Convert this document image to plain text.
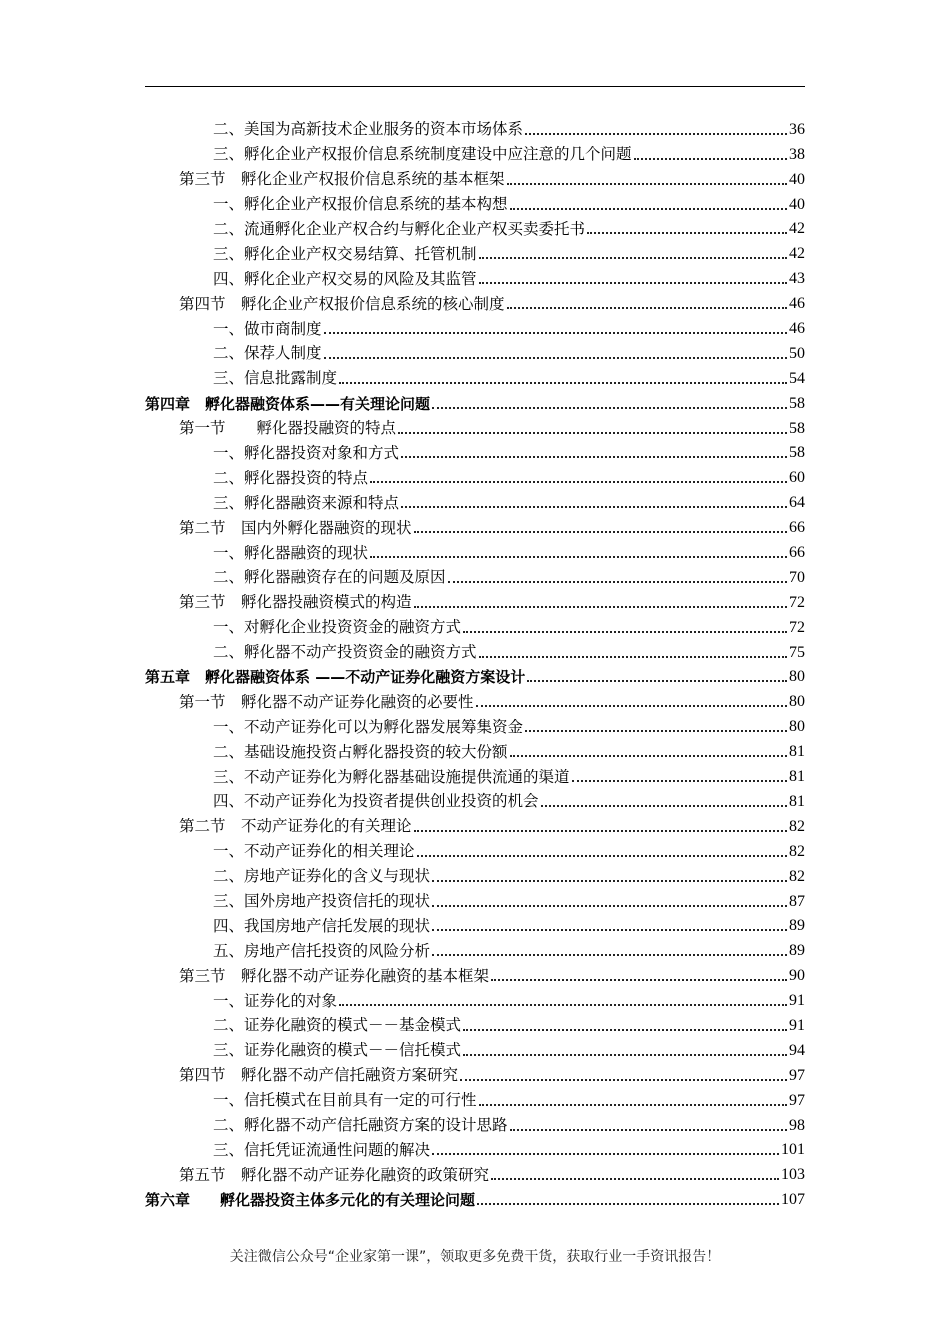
二、美国为高新技术企业服务的资本市场体系	36
三、孵化企业产权报价信息系统制度建设中应注意的几个问题	38
第三节　孵化企业产权报价信息系统的基本框架	40
一、孵化企业产权报价信息系统的基本构想	40
二、流通孵化企业产权合约与孵化企业产权买卖委托书	42
三、孵化企业产权交易结算、托管机制	42
四、孵化企业产权交易的风险及其监管	43
第四节　孵化企业产权报价信息系统的核心制度	46
一、做市商制度	46
二、保荐人制度	50
三、信息批露制度	54
第四章　孵化器融资体系——有关理论问题	58
第一节　　孵化器投融资的特点	58
一、孵化器投资对象和方式	58
二、孵化器投资的特点	60
三、孵化器融资来源和特点	64
第二节　国内外孵化器融资的现状	66
一、孵化器融资的现状	66
二、孵化器融资存在的问题及原因	70
第三节　孵化器投融资模式的构造	72
一、对孵化企业投资资金的融资方式	72
二、孵化器不动产投资资金的融资方式	75
第五章　孵化器融资体系 ——不动产证券化融资方案设计	80
第一节　孵化器不动产证券化融资的必要性	80
一、不动产证券化可以为孵化器发展筹集资金	80
二、基础设施投资占孵化器投资的较大份额	81
三、不动产证券化为孵化器基础设施提供流通的渠道	81
四、不动产证券化为投资者提供创业投资的机会	81
第二节　不动产证券化的有关理论	82
一、不动产证券化的相关理论	82
二、房地产证券化的含义与现状	82
三、国外房地产投资信托的现状	87
四、我国房地产信托发展的现状	89
五、房地产信托投资的风险分析	89
第三节　孵化器不动产证券化融资的基本框架	90
一、证券化的对象	91
二、证券化融资的模式－－基金模式	91
三、证券化融资的模式－－信托模式	94
第四节　孵化器不动产信托融资方案研究	97
一、信托模式在目前具有一定的可行性	97
二、孵化器不动产信托融资方案的设计思路	98
三、信托凭证流通性问题的解决	101
第五节　孵化器不动产证券化融资的政策研究	103
第六章　　孵化器投资主体多元化的有关理论问题	107
关注微信公众号“企业家第一课”，领取更多免费干货，获取行业一手资讯报告！
